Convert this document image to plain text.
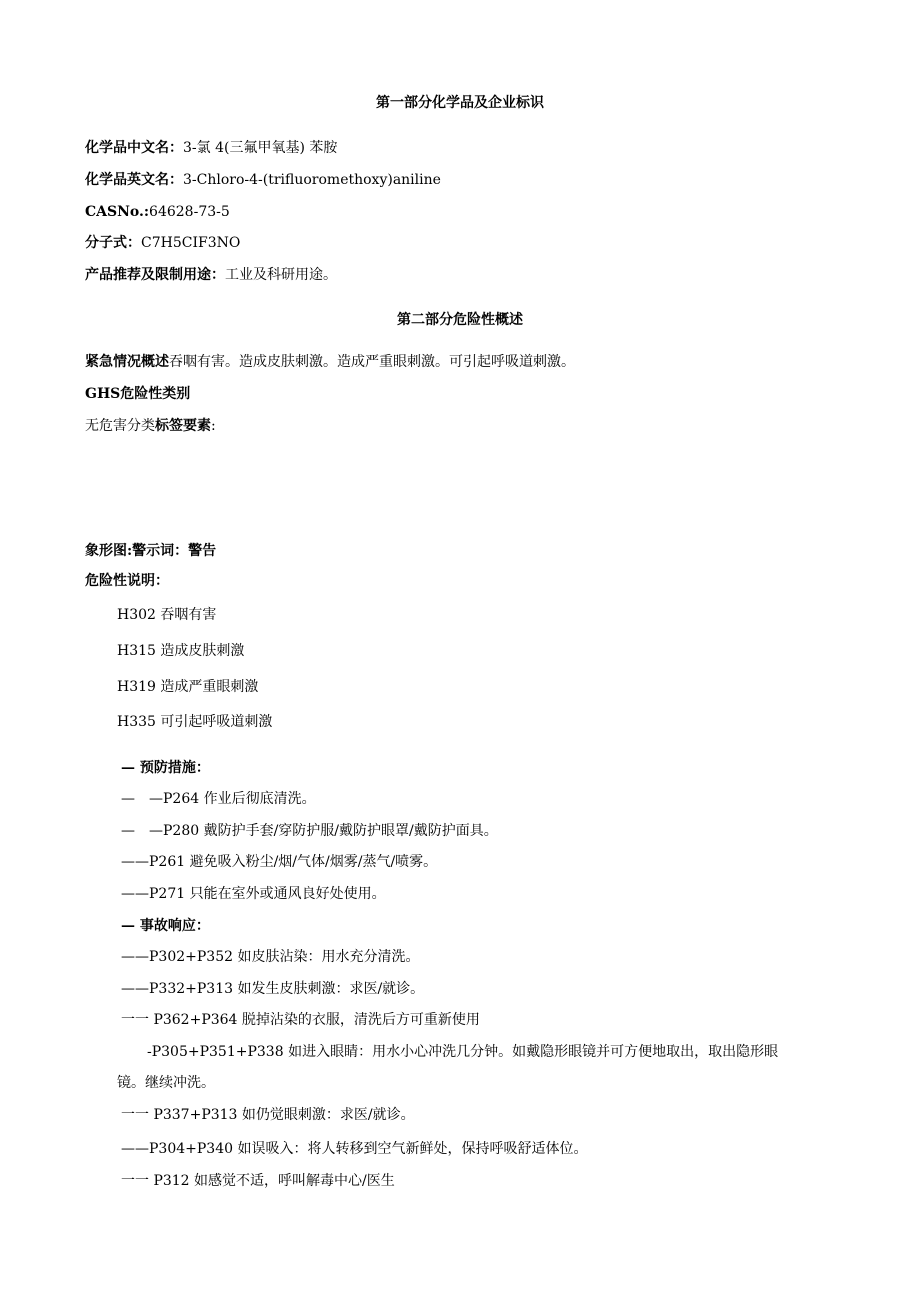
第一部分化学品及企业标识
化学品中文名：3-氯 4(三氟甲氧基) 苯胺
化学品英文名：3-Chloro-4-(trifluoromethoxy)aniline
CASNo.:64628-73-5
分子式：C7H5CIF3NO
产品推荐及限制用途：工业及科研用途。
第二部分危险性概述
紧急情况概述吞咽有害。造成皮肤刺激。造成严重眼刺激。可引起呼吸道刺激。
GHS危险性类别
无危害分类标签要素:
象形图:警示词：警告
危险性说明：
H302 吞咽有害
H315 造成皮肤刺激
H319 造成严重眼刺激
H335 可引起呼吸道刺激
— 预防措施：
—　—P264 作业后彻底清洗。
—　—P280 戴防护手套/穿防护服/戴防护眼罩/戴防护面具。
——P261 避免吸入粉尘/烟/气体/烟雾/蒸气/喷雾。
——P271 只能在室外或通风良好处使用。
— 事故响应：
——P302+P352 如皮肤沾染：用水充分清洗。
——P332+P313 如发生皮肤刺激：求医/就诊。
一一 P362+P364 脱掉沾染的衣服，清洗后方可重新使用
-P305+P351+P338 如进入眼睛：用水小心冲洗几分钟。如戴隐形眼镜并可方便地取出，取出隐形眼
镜。继续冲洗。
一一 P337+P313 如仍觉眼刺激：求医/就诊。
——P304+P340 如误吸入：将人转移到空气新鲜处，保持呼吸舒适体位。
一一 P312 如感觉不适，呼叫解毒中心/医生
